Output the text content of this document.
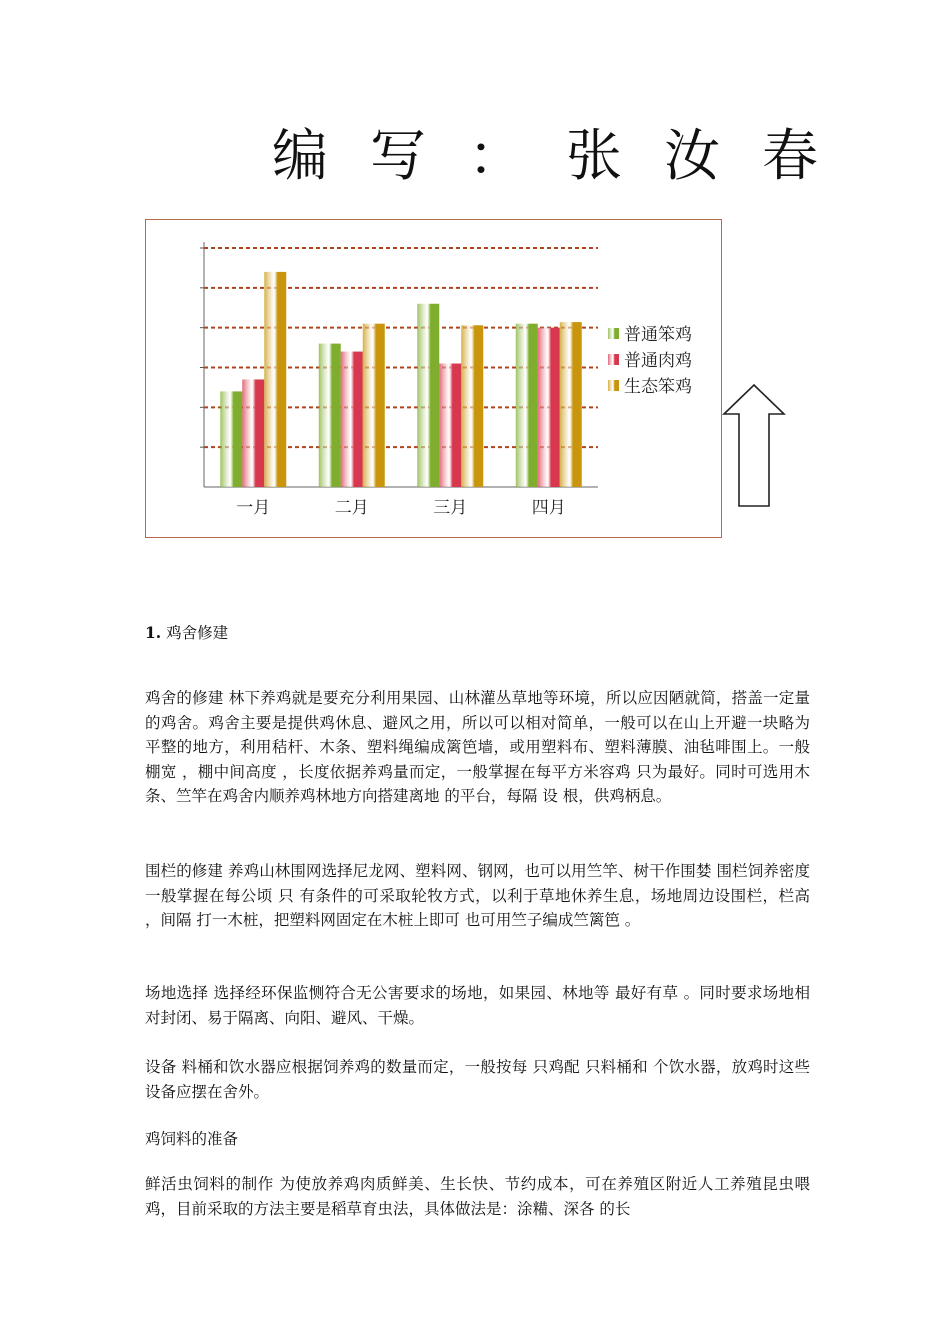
编 写 ： 张 汝 春
一月	二月	三月	四月
普通笨鸡
普通肉鸡
生态笨鸡
1. 鸡舍修建

鸡舍的修建 林下养鸡就是要充分利用果园、山林灌丛草地等环境，所以应因陋就简，搭盖一定量的鸡舍。鸡舍主要是提供鸡休息、避风之用，所以可以相对简单，一般可以在山上开避一块略为平整的地方，利用秸杆、木条、塑料绳编成篱笆墙，或用塑料布、塑料薄膜、油毡啡围上。一般棚宽 ，棚中间高度 ，长度依据养鸡量而定，一般掌握在每平方米容鸡 只为最好。同时可选用木条、竺竿在鸡舍内顺养鸡林地方向搭建离地 的平台，每隔 设 根，供鸡柄息。

围栏的修建 养鸡山林围网选择尼龙网、塑料网、钢网，也可以用竺竿、树干作围婪 围栏饲养密度一般掌握在每公顷 只 有条件的可采取轮牧方式，以利于草地休养生息，场地周边设围栏，栏高 ，间隔 打一木桩，把塑料网固定在木桩上即可 也可用竺子编成竺篱笆 。

场地选择 选择经环保监恻符合无公害要求的场地，如果园、林地等 最好有草 。同时要求场地相对封闭、易于隔离、向阳、避风、干燥。

设备 料桶和饮水器应根据饲养鸡的数量而定，一般按每 只鸡配 只料桶和 个饮水器，放鸡时这些设备应摆在舍外。

鸡饲料的准备

鲜活虫饲料的制作 为使放养鸡肉质鲜美、生长快、节约成本，可在养殖区附近人工养殖昆虫喂鸡，目前采取的方法主要是稻草育虫法，具体做法是：涂糒、深各 的长
